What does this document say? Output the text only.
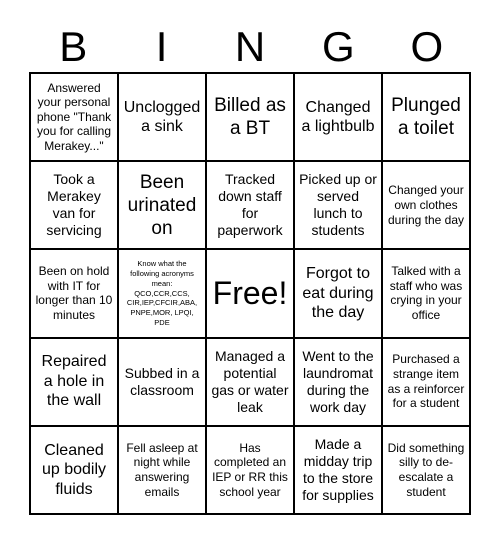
B	I	N	G	O
Answered your personal phone "Thank you for calling Merakey..."
Unclogged a sink
Billed as a BT
Changed a lightbulb
Plunged a toilet
Took a Merakey van for servicing
Been urinated on
Tracked down staff for paperwork
Picked up or served lunch to students
Changed your own clothes during the day
Been on hold with IT for longer than 10 minutes
Know what the following acronyms mean: QCO,CCR,CCS, CIR,IEP,CFCIR,ABA, PNPE,MOR, LPQI, PDE
Free!
Forgot to eat during the day
Talked with a staff who was crying in your office
Repaired a hole in the wall
Subbed in a classroom
Managed a potential gas or water leak
Went to the laundromat during the work day
Purchased a strange item as a reinforcer for a student
Cleaned up bodily fluids
Fell asleep at night while answering emails
Has completed an IEP or RR this school year
Made a midday trip to the store for supplies
Did something silly to de-escalate a student
